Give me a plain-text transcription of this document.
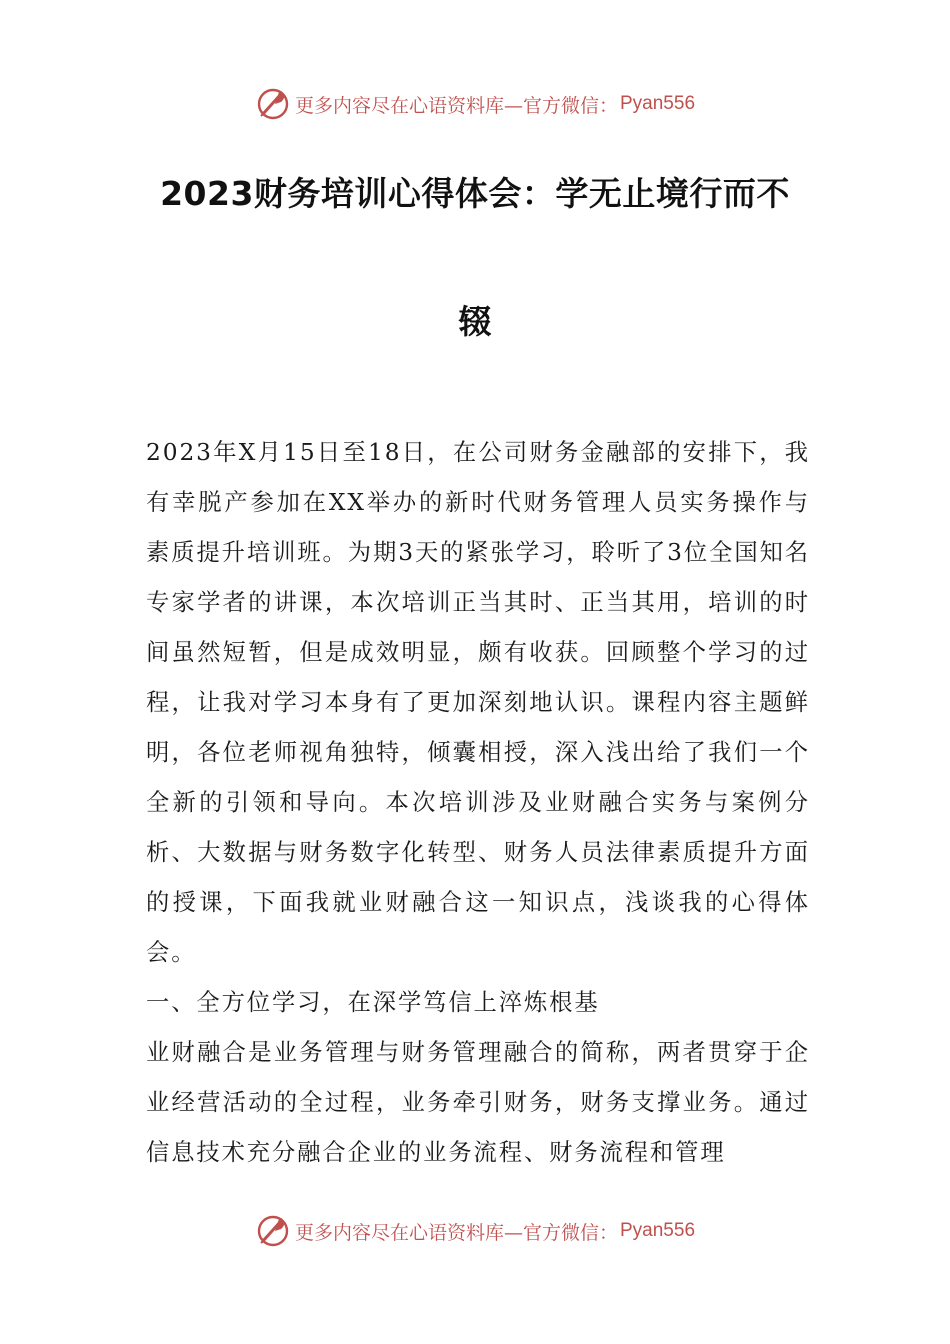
更多内容尽在心语资料库—官方微信： Pyan556
2023财务培训心得体会：学无止境行而不
辍

2023年X月15日至18日，在公司财务金融部的安排下，我有幸脱产参加在XX举办的新时代财务管理人员实务操作与素质提升培训班。为期3天的紧张学习，聆听了3位全国知名专家学者的讲课，本次培训正当其时、正当其用，培训的时间虽然短暂，但是成效明显，颇有收获。回顾整个学习的过程，让我对学习本身有了更加深刻地认识。课程内容主题鲜明，各位老师视角独特，倾囊相授，深入浅出给了我们一个全新的引领和导向。本次培训涉及业财融合实务与案例分析、大数据与财务数字化转型、财务人员法律素质提升方面的授课，下面我就业财融合这一知识点，浅谈我的心得体会。

一、全方位学习，在深学笃信上淬炼根基

业财融合是业务管理与财务管理融合的简称，两者贯穿于企业经营活动的全过程，业务牵引财务，财务支撑业务。通过信息技术充分融合企业的业务流程、财务流程和管理

更多内容尽在心语资料库—官方微信： Pyan556
